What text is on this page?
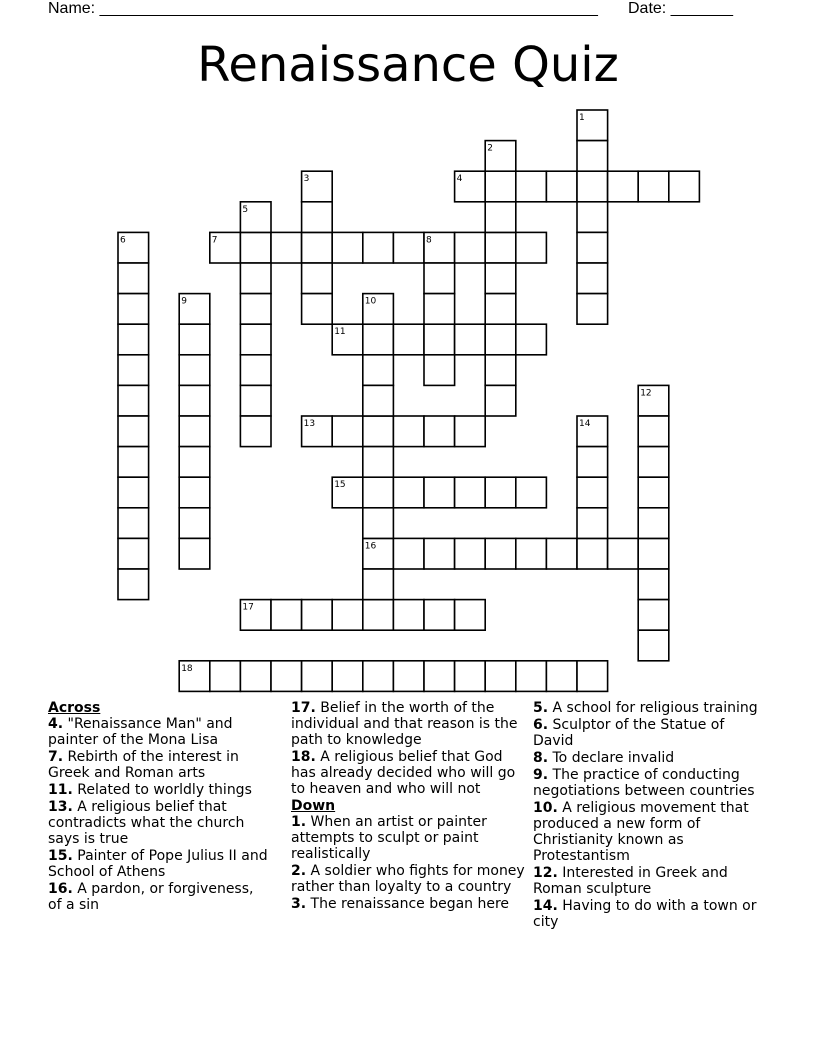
Name: ________________________________________________________ Date: _______
Renaissance Quiz
1
2
3	4
5
6	7	8
9	10
11
12
13	14
15
16
17
18
Across
4. "Renaissance Man" and painter of the Mona Lisa
7. Rebirth of the interest in Greek and Roman arts
11. Related to worldly things
13. A religious belief that contradicts what the church says is true
15. Painter of Pope Julius II and School of Athens
16. A pardon, or forgiveness, of a sin
17. Belief in the worth of the individual and that reason is the path to knowledge
18. A religious belief that God has already decided who will go to heaven and who will not
Down
1. When an artist or painter attempts to sculpt or paint realistically
2. A soldier who fights for money rather than loyalty to a country
3. The renaissance began here
5. A school for religious training
6. Sculptor of the Statue of David
8. To declare invalid
9. The practice of conducting negotiations between countries
10. A religious movement that produced a new form of Christianity known as Protestantism
12. Interested in Greek and Roman sculpture
14. Having to do with a town or city
